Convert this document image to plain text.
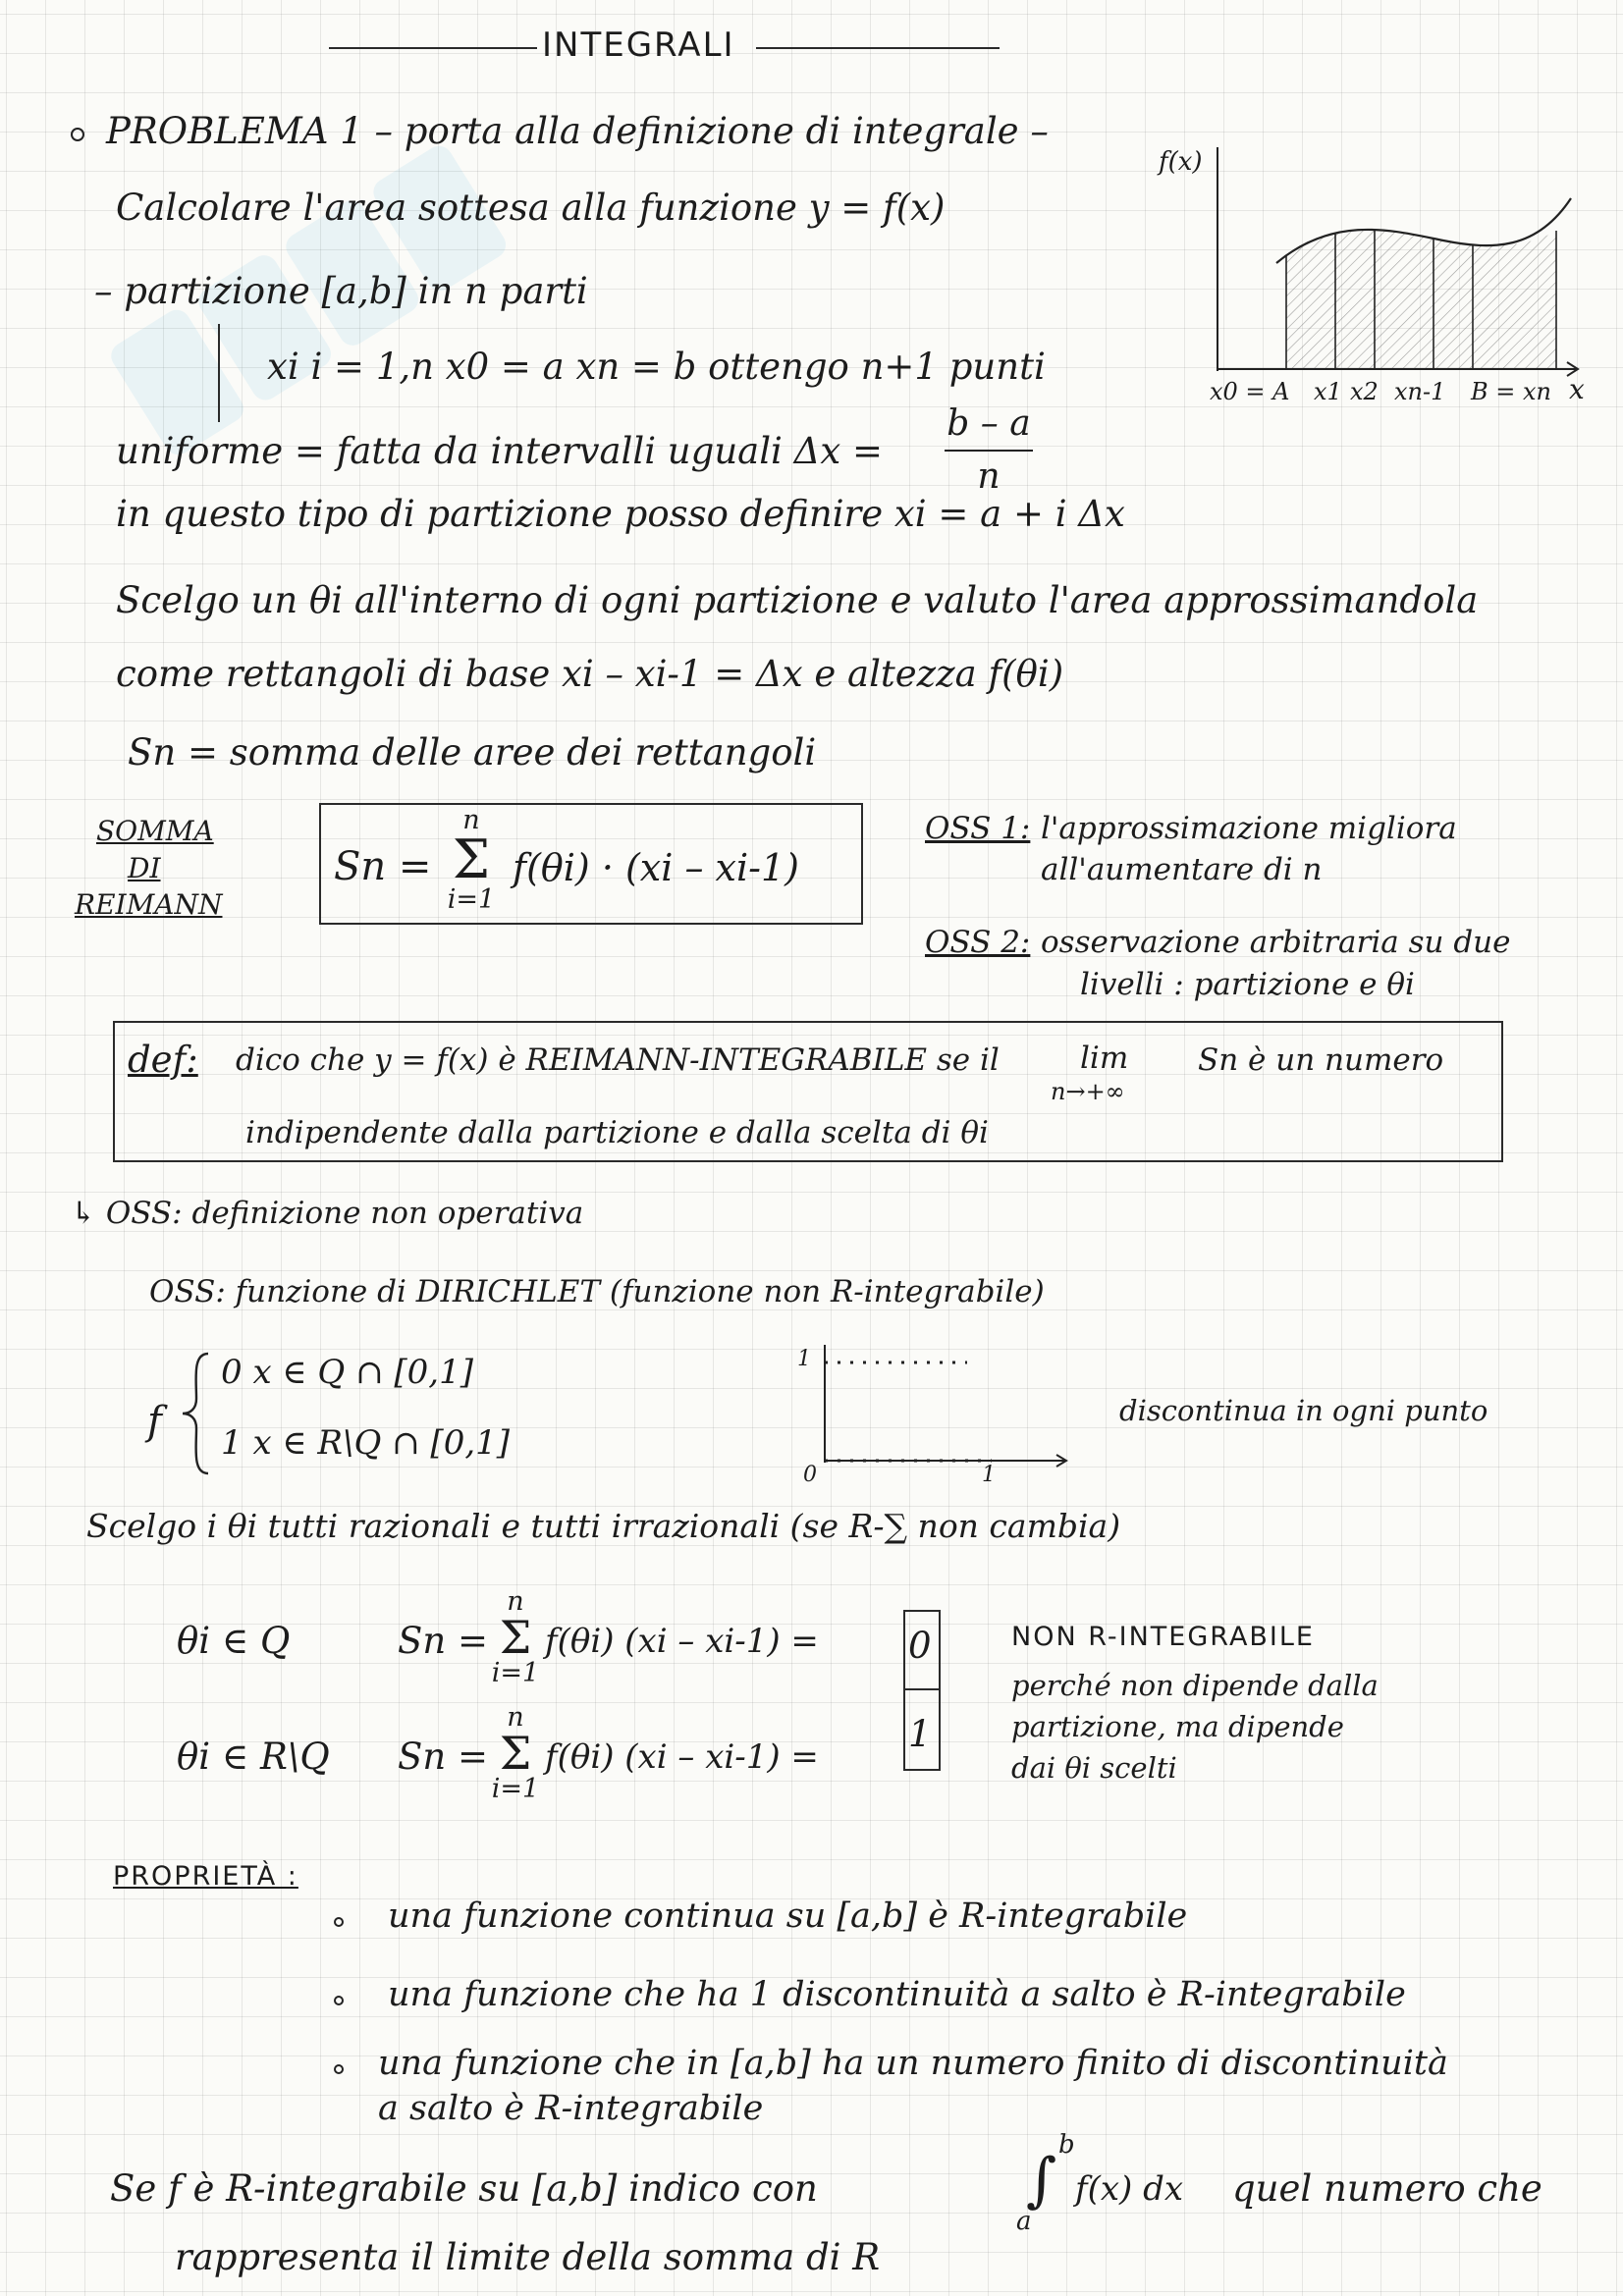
INTEGRALI
PROBLEMA 1 – porta alla definizione di integrale –
Calcolare l'area sottesa alla funzione y = f(x)
– partizione [a,b] in n parti
xi i = 1,n x0 = a xn = b ottengo n+1 punti
uniforme = fatta da intervalli uguali Δx =
b – a
n
in questo tipo di partizione posso definire xi = a + i Δx
Scelgo un θi all'interno di ogni partizione e valuto l'area approssimandola
come rettangoli di base xi – xi-1 = Δx e altezza f(θi)
Sn = somma delle aree dei rettangoli
f(x)
x
x0 = A x1 x2 xn-1 B = xn
SOMMA
DI
REIMANN
Sn =
n
Σ
i=1
f(θi) · (xi – xi-1)
OSS 1: l'approssimazione migliora
all'aumentare di n
OSS 2: osservazione arbitraria su due
livelli : partizione e θi
def: dico che y = f(x) è REIMANN-INTEGRABILE se il	lim
n→+∞
Sn è un numero
indipendente dalla partizione e dalla scelta di θi
↳ OSS: definizione non operativa
OSS: funzione di DIRICHLET (funzione non R-integrabile)
f
0 x ∈ Q ∩ [0,1]
1 x ∈ R\Q ∩ [0,1]
1
0	1
discontinua in ogni punto
Scelgo i θi tutti razionali e tutti irrazionali (se R-∑ non cambia)
θi ∈ Q	Sn =
n
Σ
i=1
f(θi) (xi – xi-1) =
θi ∈ R\Q Sn =
n
Σ
i=1
f(θi) (xi – xi-1) =
0
1
NON R-INTEGRABILE
perché non dipende dalla
partizione, ma dipende
dai θi scelti
PROPRIETÀ :
una funzione continua su [a,b] è R-integrabile
una funzione che ha 1 discontinuità a salto è R-integrabile
una funzione che in [a,b] ha un numero finito di discontinuità
a salto è R-integrabile
Se f è R-integrabile su [a,b] indico con
b
∫
a
f(x) dx quel numero che
rappresenta il limite della somma di R
